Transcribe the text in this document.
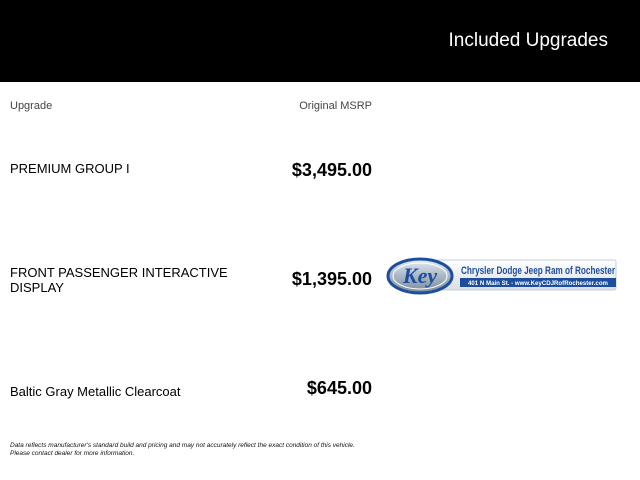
Included Upgrades
Upgrade	Original MSRP
PREMIUM GROUP I	$3,495.00
FRONT PASSENGER INTERACTIVE DISPLAY	$1,395.00
Baltic Gray Metallic Clearcoat	$645.00
Key Chrysler Dodge Jeep Ram of Rochester
401 N Main St. - www.KeyCDJRofRochester.com
Data reflects manufacturer's standard build and pricing and may not accurately reflect the exact condition of this vehicle.
Please contact dealer for more information.
